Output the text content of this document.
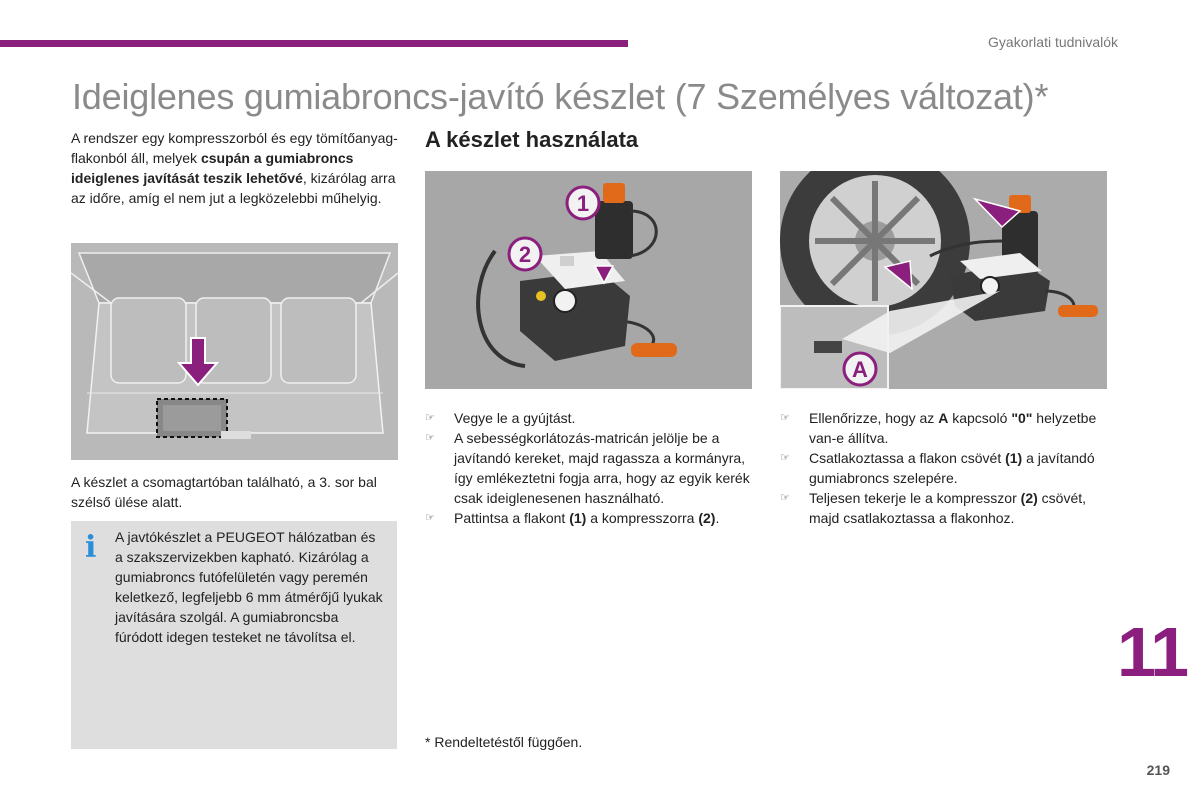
Gyakorlati tudnivalók
Ideiglenes gumiabroncs-javító készlet (7 Személyes változat)*

A rendszer egy kompresszorból és egy tömítőanyag-flakonból áll, melyek csupán a gumiabroncs ideiglenes javítását teszik lehetővé, kizárólag arra az időre, amíg el nem jut a legközelebbi műhelyig.

A készlet a csomagtartóban található, a 3. sor bal szélső ülése alatt.

i A javtókészlet a PEUGEOT hálózatban és a szakszervizekben kapható. Kizárólag a gumiabroncs futófelületén vagy peremén keletkező, legfeljebb 6 mm átmérőjű lyukak javítására szolgál. A gumiabroncsba fúródott idegen testeket ne távolítsa el.

A készlet használata
1
2
A
☞ Vegye le a gyújtást.
☞ A sebességkorlátozás-matricán jelölje be a javítandó kereket, majd ragassza a kormányra, így emlékeztetni fogja arra, hogy az egyik kerék csak ideiglenesenen használható.
☞ Pattintsa a flakont (1) a kompresszorra (2).
☞ Ellenőrizze, hogy az A kapcsoló "0" helyzetbe van-e állítva.
☞ Csatlakoztassa a flakon csövét (1) a javítandó gumiabroncs szelepére.
☞ Teljesen tekerje le a kompresszor (2) csövét, majd csatlakoztassa a flakonhoz.

* Rendeltetéstől függően.

11
219
